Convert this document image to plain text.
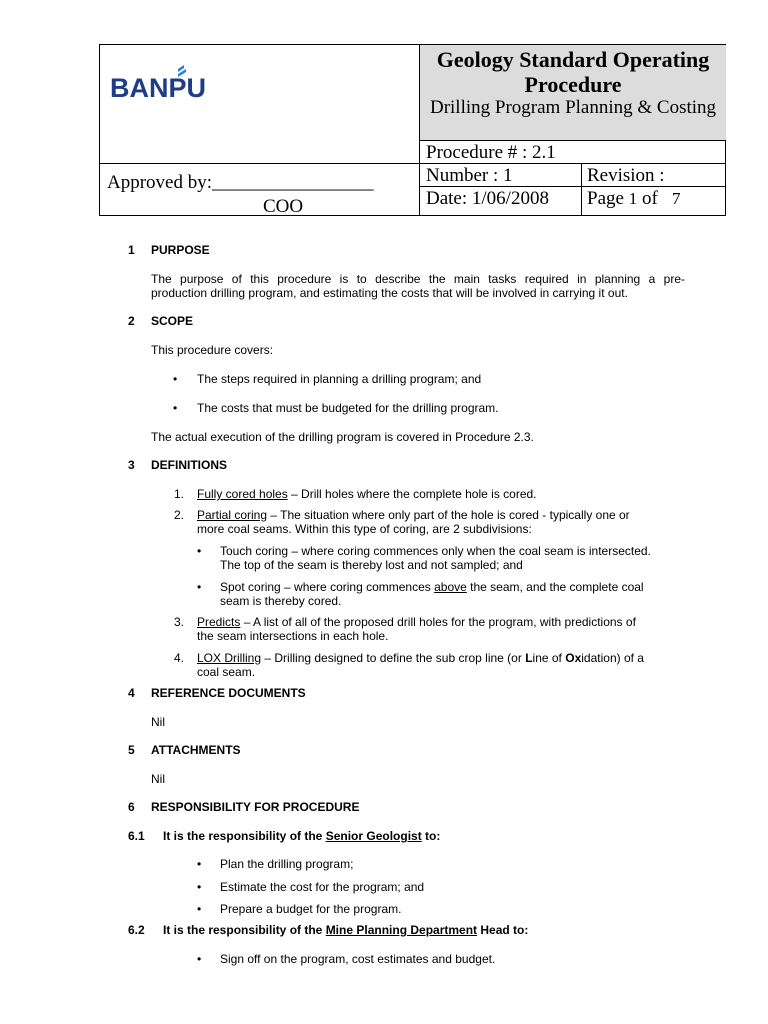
BANPU
Approved by:_________________
COO
Geology Standard Operating Procedure
Drilling Program Planning & Costing
Procedure # : 2.1
Number : 1	Revision :
Date: 1/06/2008 Page 1 of 7
1 PURPOSE
The purpose of this procedure is to describe the main tasks required in planning a pre-
production drilling program, and estimating the costs that will be involved in carrying it out.
2 SCOPE
This procedure covers:
• The steps required in planning a drilling program; and
• The costs that must be budgeted for the drilling program.
The actual execution of the drilling program is covered in Procedure 2.3.
3 DEFINITIONS
1. Fully cored holes – Drill holes where the complete hole is cored.
2. Partial coring – The situation where only part of the hole is cored - typically one or
more coal seams. Within this type of coring, are 2 subdivisions:
• Touch coring – where coring commences only when the coal seam is intersected.
The top of the seam is thereby lost and not sampled; and
• Spot coring – where coring commences above the seam, and the complete coal
seam is thereby cored.
3. Predicts – A list of all of the proposed drill holes for the program, with predictions of
the seam intersections in each hole.
4. LOX Drilling – Drilling designed to define the sub crop line (or Line of Oxidation) of a
coal seam.
4 REFERENCE DOCUMENTS
Nil
5 ATTACHMENTS
Nil
6 RESPONSIBILITY FOR PROCEDURE
6.1 It is the responsibility of the Senior Geologist to:
• Plan the drilling program;
• Estimate the cost for the program; and
• Prepare a budget for the program.
6.2 It is the responsibility of the Mine Planning Department Head to:
• Sign off on the program, cost estimates and budget.
